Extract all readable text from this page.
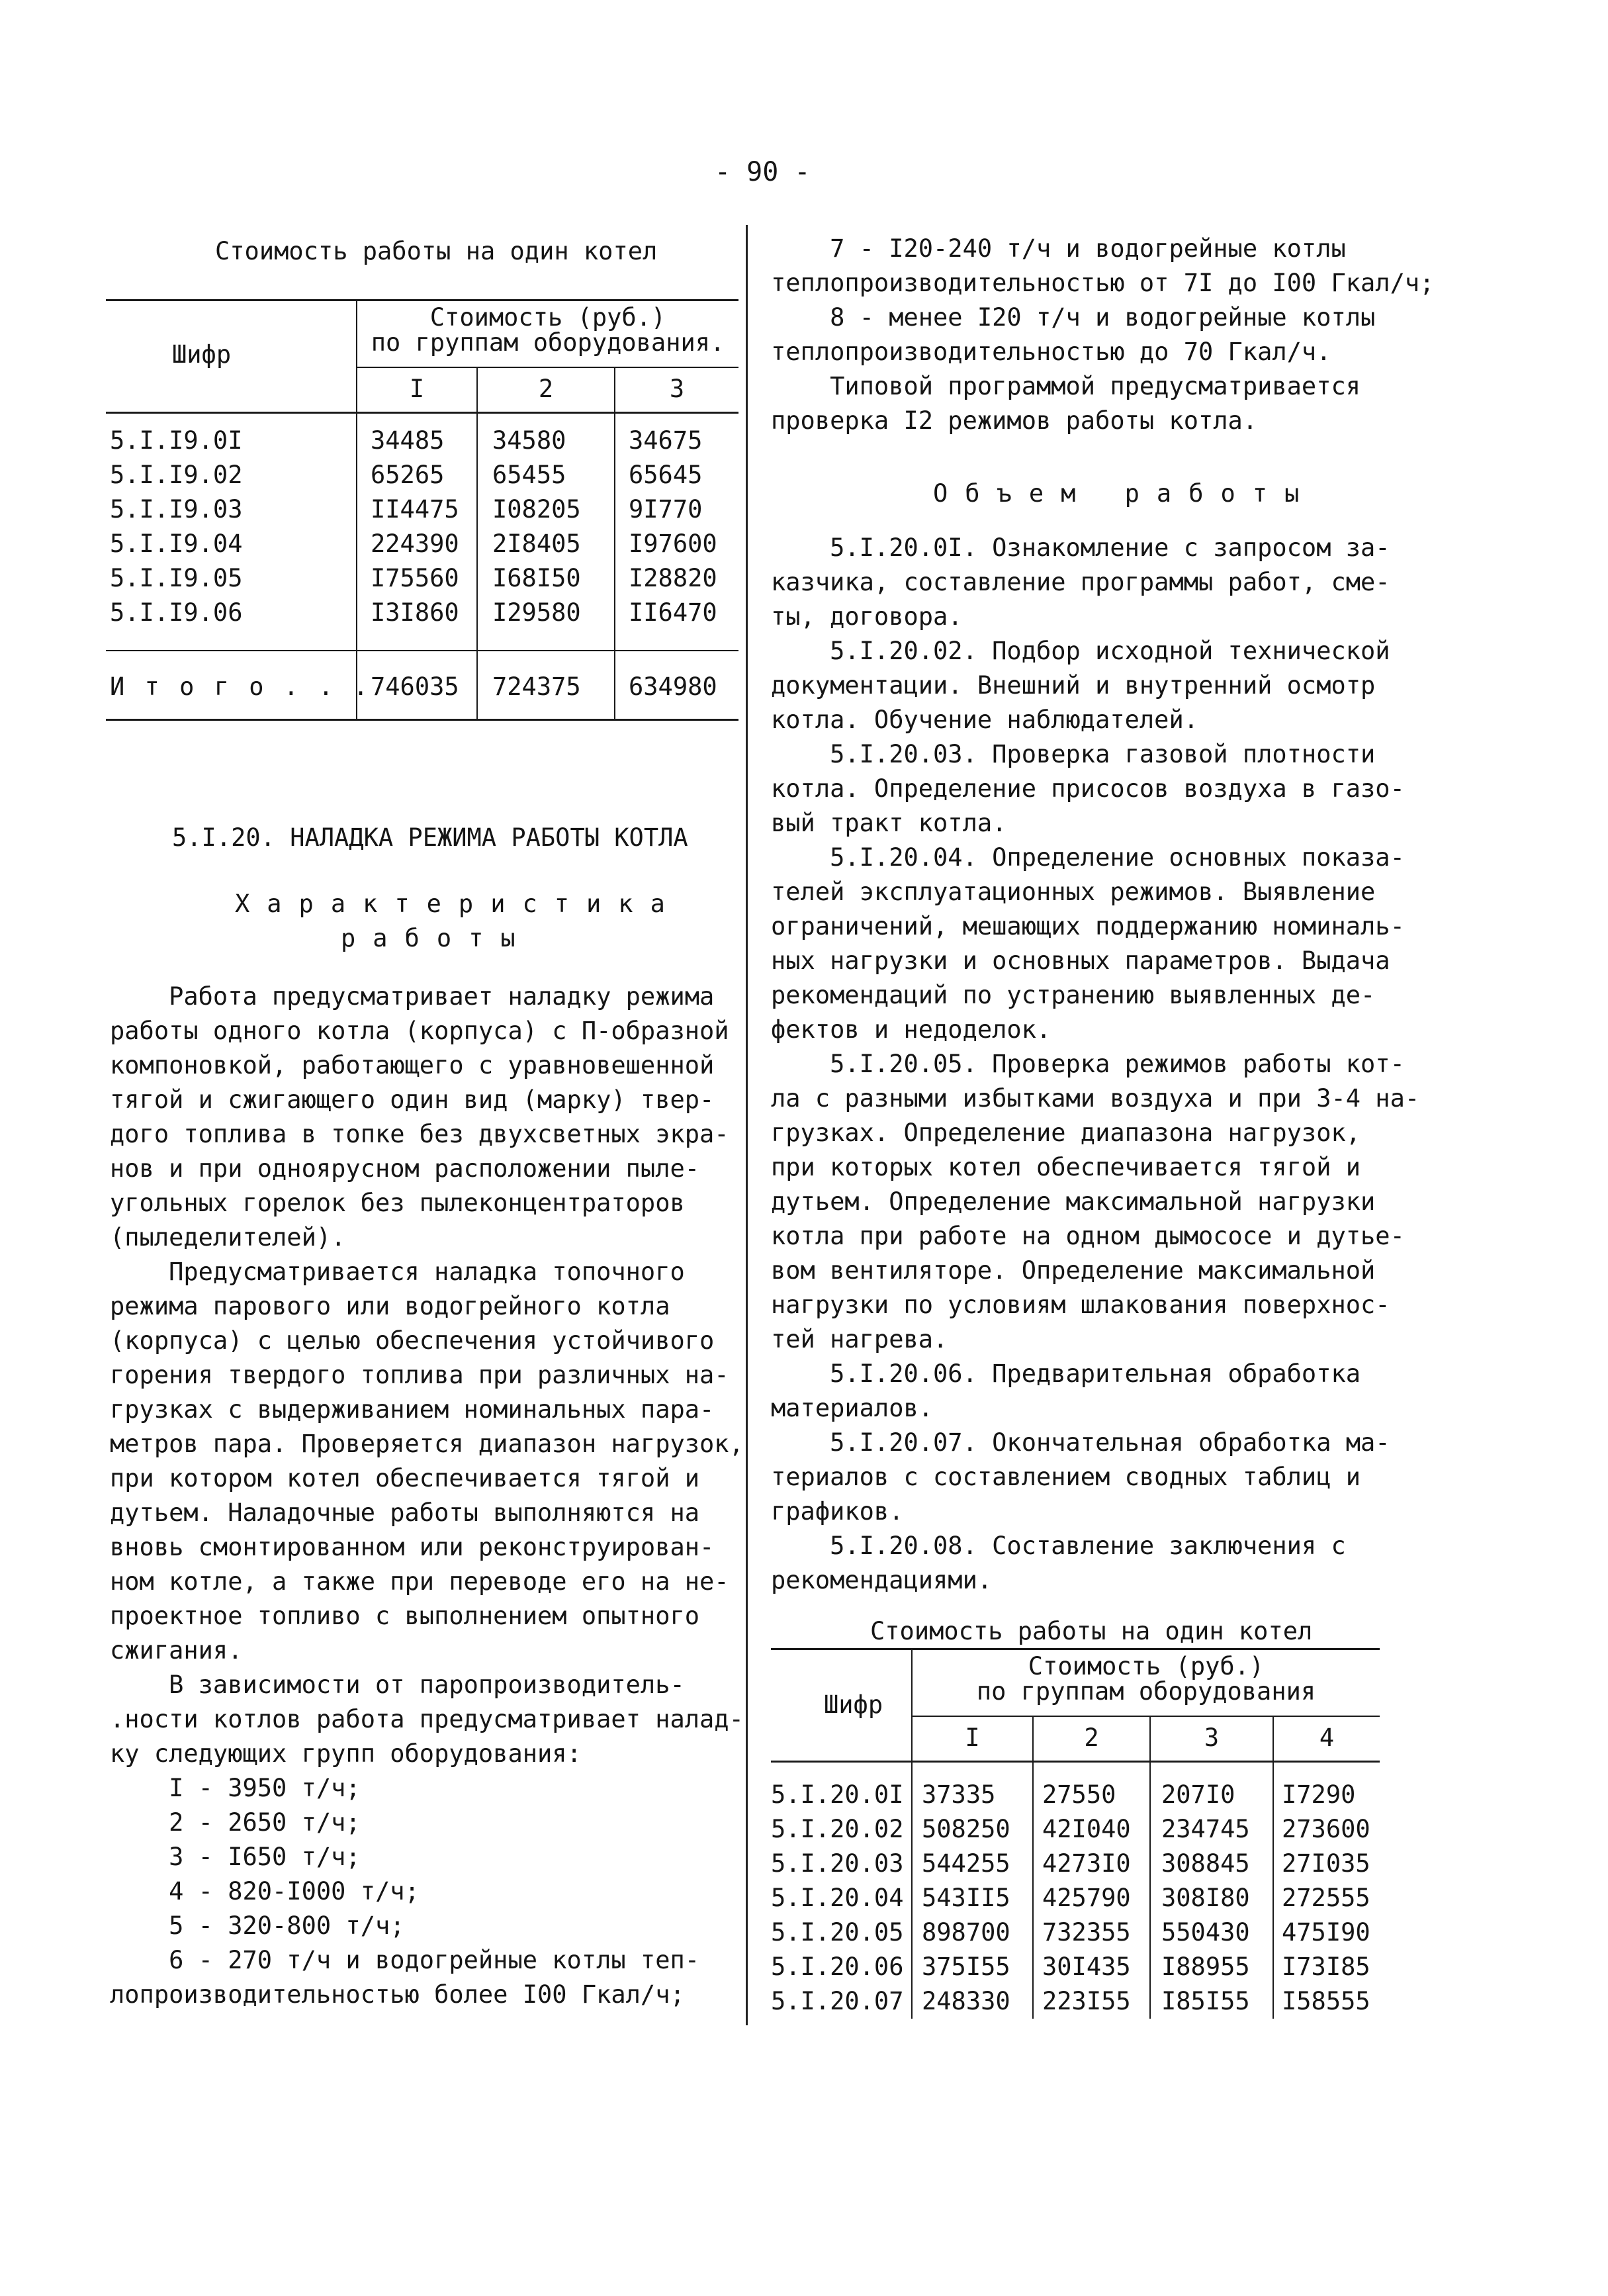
- 90 -
Стоимость работы на один котел
Шифр
Стоимость (руб.)
по группам оборудования.
I	2	3
5.I.I9.0I	34485 34580	34675
5.I.I9.02	65265 65455	65645
5.I.I9.03	II4475 I08205 9I770
5.I.I9.04	224390 2I8405 I97600
5.I.I9.05	I75560 I68I50 I28820
5.I.I9.06	I3I860 I29580 II6470
И т о г о . . . 746035 724375 634980
5.I.20. НАЛАДКА РЕЖИМА РАБОТЫ КОТЛА
Характеристика
работы

Работа предусматривает наладку режима

работы одного котла (корпуса) с П-образной

компоновкой, работающего с уравновешенной

тягой и сжигающего один вид (марку) твер-

дого топлива в топке без двухсветных экра-

нов и при одноярусном расположении пыле-

угольных горелок без пылеконцентраторов

(пыледелителей).

Предусматривается наладка топочного

режима парового или водогрейного котла

(корпуса) с целью обеспечения устойчивого

горения твердого топлива при различных на-

грузках с выдерживанием номинальных пара-

метров пара. Проверяется диапазон нагрузок,

при котором котел обеспечивается тягой и

дутьем. Наладочные работы выполняются на

вновь смонтированном или реконструирован-

ном котле, а также при переводе его на не-

проектное топливо с выполнением опытного

сжигания.

В зависимости от паропроизводитель-

.ности котлов работа предусматривает налад-

ку следующих групп оборудования:

I - 3950 т/ч;

2 - 2650 т/ч;

3 - I650 т/ч;

4 - 820-I000 т/ч;

5 - 320-800 т/ч;

6 - 270 т/ч и водогрейные котлы теп-

лопроизводительностью более I00 Гкал/ч;

7 - I20-240 т/ч и водогрейные котлы

теплопроизводительностью от 7I до I00 Гкал/ч;

8 - менее I20 т/ч и водогрейные котлы

теплопроизводительностью до 70 Гкал/ч.

Типовой программой предусматривается

проверка I2 режимов работы котла.

Объем работы

5.I.20.0I. Ознакомление с запросом за-

казчика, составление программы работ, сме-

ты, договора.

5.I.20.02. Подбор исходной технической

документации. Внешний и внутренний осмотр

котла. Обучение наблюдателей.

5.I.20.03. Проверка газовой плотности

котла. Определение присосов воздуха в газо-

вый тракт котла.

5.I.20.04. Определение основных показа-

телей эксплуатационных режимов. Выявление

ограничений, мешающих поддержанию номиналь-

ных нагрузки и основных параметров. Выдача

рекомендаций по устранению выявленных де-

фектов и недоделок.

5.I.20.05. Проверка режимов работы кот-

ла с разными избытками воздуха и при 3-4 на-

грузках. Определение диапазона нагрузок,

при которых котел обеспечивается тягой и

дутьем. Определение максимальной нагрузки

котла при работе на одном дымососе и дутье-

вом вентиляторе. Определение максимальной

нагрузки по условиям шлакования поверхнос-

тей нагрева.

5.I.20.06. Предварительная обработка

материалов.

5.I.20.07. Окончательная обработка ма-

териалов с составлением сводных таблиц и

графиков.

5.I.20.08. Составление заключения с

рекомендациями.

Стоимость работы на один котел
Шифр
Стоимость (руб.)
по группам оборудования
I	2	3	4
5.I.20.0I 37335 27550 207I0 I7290
5.I.20.02 508250 42I040 234745 273600
5.I.20.03 544255 4273I0 308845 27I035
5.I.20.04 543II5 425790 308I80 272555
5.I.20.05 898700 732355 550430 475I90
5.I.20.06 375I55 30I435 I88955 I73I85
5.I.20.07 248330 223I55 I85I55 I58555
